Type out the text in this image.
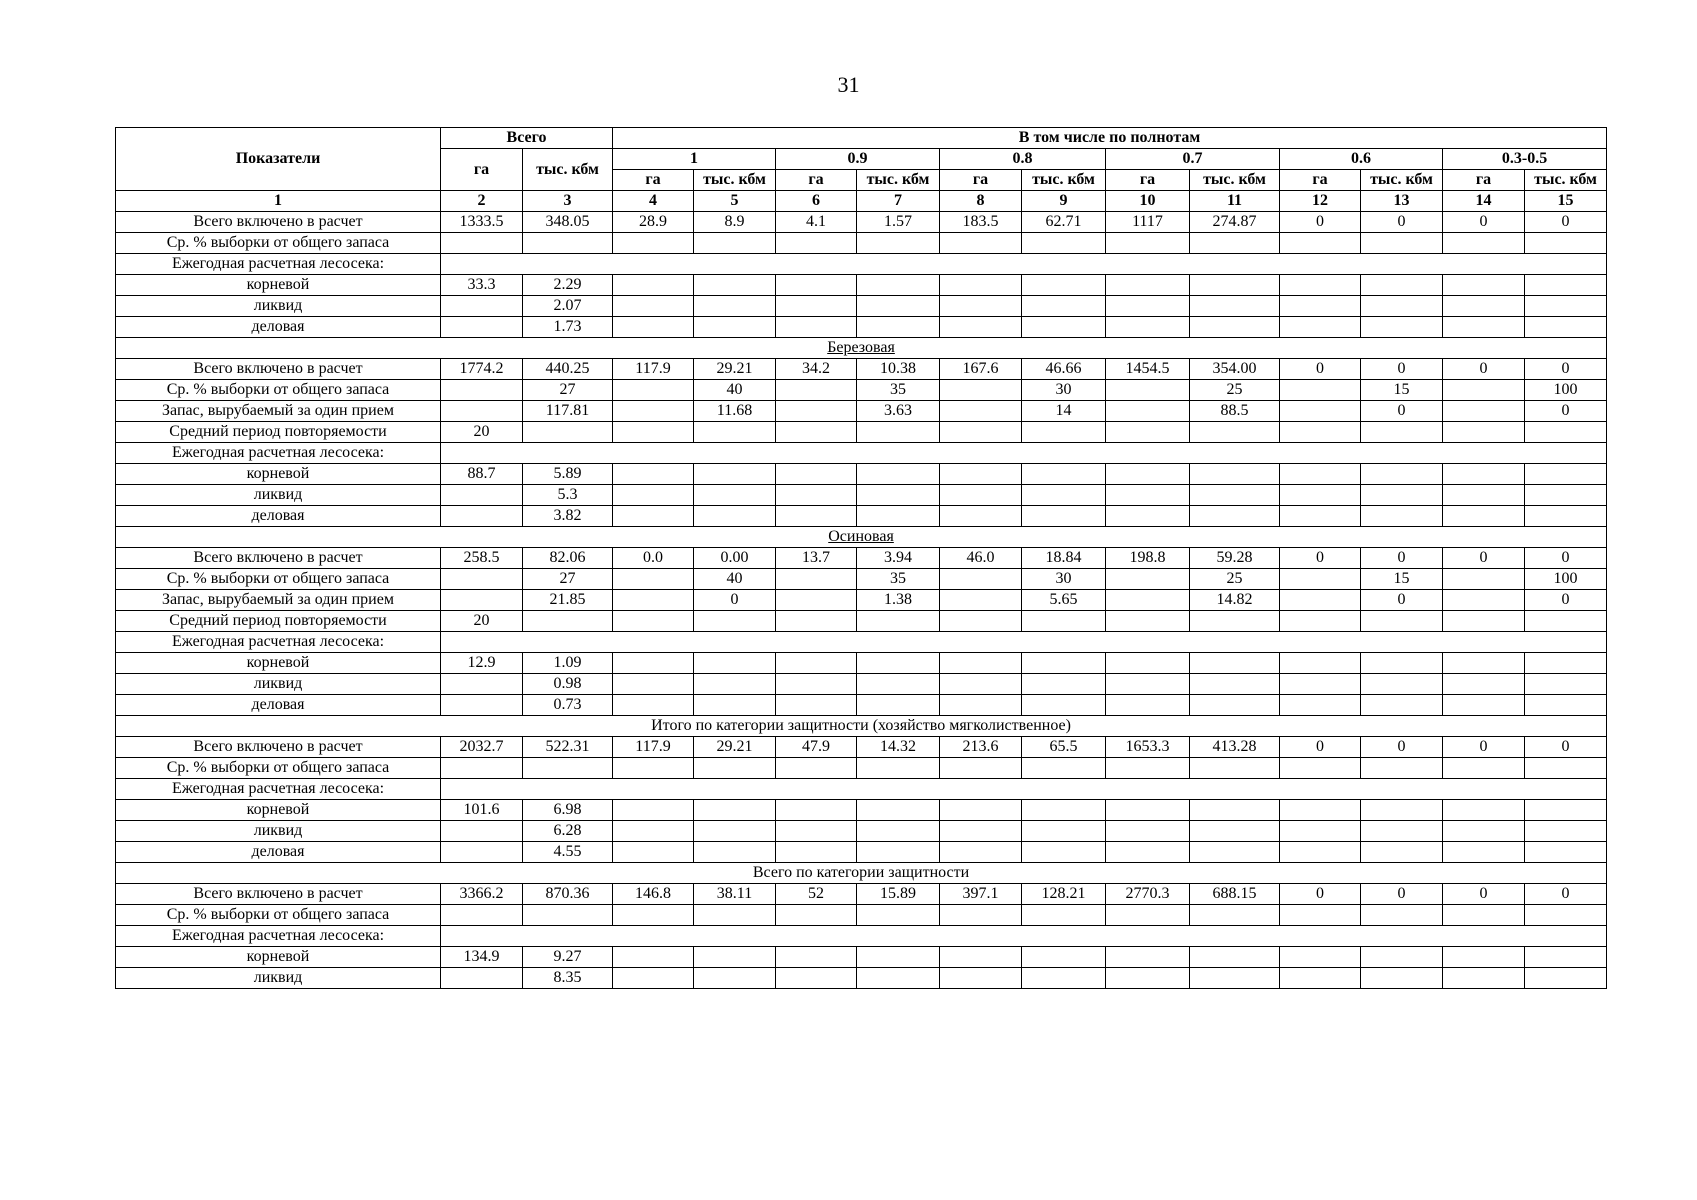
31
Показатели	Всего		В том числе по полнотам											
	га	тыс. кбм	1		0.9		0.8		0.7		0.6		0.3-0.5	
			га	тыс. кбм	га	тыс. кбм	га	тыс. кбм	га	тыс. кбм	га	тыс. кбм	га	тыс. кбм
1	2	3	4	5	6	7	8	9	10	11	12	13	14	15
Всего включено в расчет	1333.5	348.05	28.9	8.9	4.1	1.57	183.5	62.71	1117	274.87	0	0	0	0
Ср. % выборки от общего запаса														
Ежегодная расчетная лесосека:														
корневой	33.3	2.29												
ликвид		2.07												
деловая		1.73												
Березовая														
Всего включено в расчет	1774.2	440.25	117.9	29.21	34.2	10.38	167.6	46.66	1454.5	354.00	0	0	0	0
Ср. % выборки от общего запаса		27		40		35		30		25		15		100
Запас, вырубаемый за один прием		117.81		11.68		3.63		14		88.5		0		0
Средний период повторяемости	20													
Ежегодная расчетная лесосека:														
корневой	88.7	5.89												
ликвид		5.3												
деловая		3.82												
Осиновая														
Всего включено в расчет	258.5	82.06	0.0	0.00	13.7	3.94	46.0	18.84	198.8	59.28	0	0	0	0
Ср. % выборки от общего запаса		27		40		35		30		25		15		100
Запас, вырубаемый за один прием		21.85		0		1.38		5.65		14.82		0		0
Средний период повторяемости	20													
Ежегодная расчетная лесосека:														
корневой	12.9	1.09												
ликвид		0.98												
деловая		0.73												
Итого по категории защитности (хозяйство мягколиственное)														
Всего включено в расчет	2032.7	522.31	117.9	29.21	47.9	14.32	213.6	65.5	1653.3	413.28	0	0	0	0
Ср. % выборки от общего запаса														
Ежегодная расчетная лесосека:														
корневой	101.6	6.98												
ликвид		6.28												
деловая		4.55												
Всего по категории защитности														
Всего включено в расчет	3366.2	870.36	146.8	38.11	52	15.89	397.1	128.21	2770.3	688.15	0	0	0	0
Ср. % выборки от общего запаса														
Ежегодная расчетная лесосека:														
корневой	134.9	9.27												
ликвид		8.35												
